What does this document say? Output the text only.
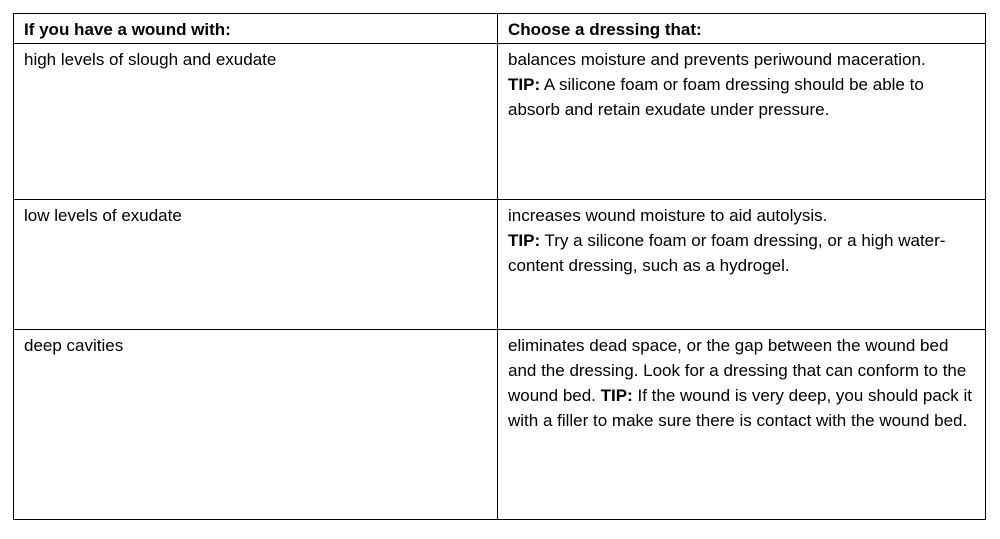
If you have a wound with:	Choose a dressing that:
high levels of slough and exudate	balances moisture and prevents periwound maceration.
TIP: A silicone foam or foam dressing should be able to absorb and retain exudate under pressure.
low levels of exudate	increases wound moisture to aid autolysis.
TIP: Try a silicone foam or foam dressing, or a high water-content dressing, such as a hydrogel.
deep cavities	eliminates dead space, or the gap between the wound bed and the dressing. Look for a dressing that can conform to the wound bed. TIP: If the wound is very deep, you should pack it with a filler to make sure there is contact with the wound bed.
